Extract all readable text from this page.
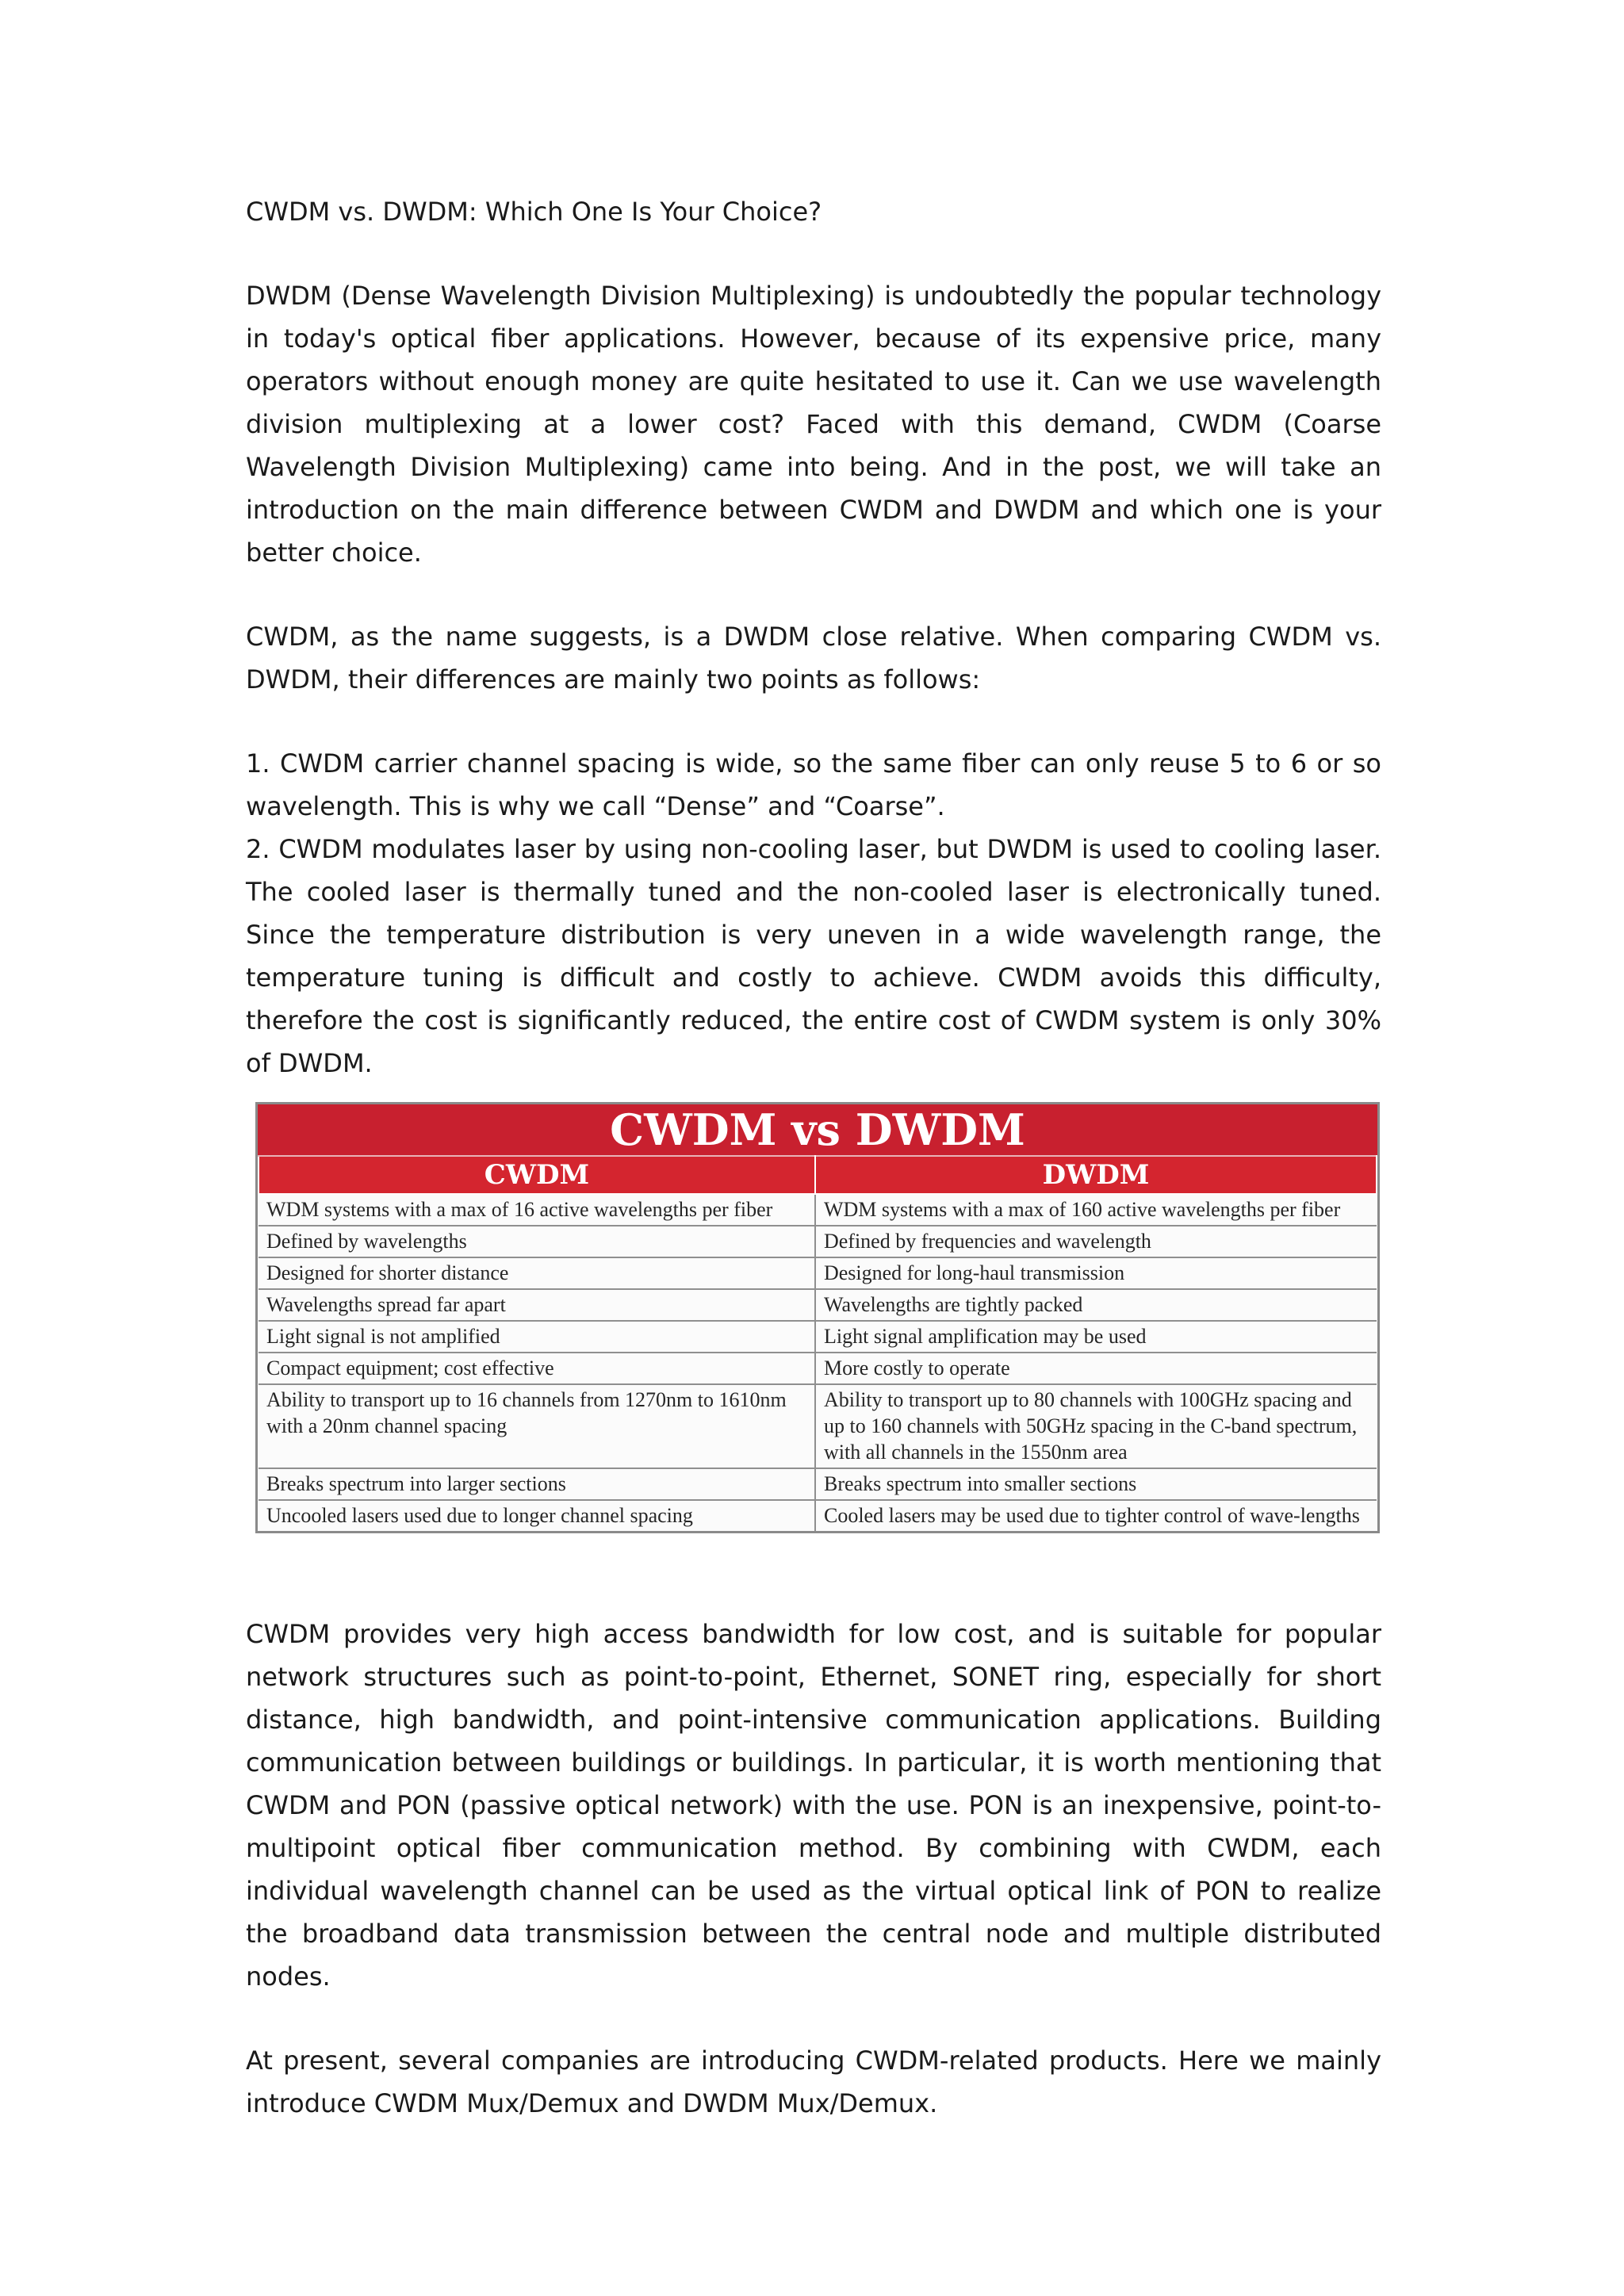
CWDM vs. DWDM: Which One Is Your Choice?

DWDM (Dense Wavelength Division Multiplexing) is undoubtedly the popular technology in today's optical fiber applications. However, because of its expensive price, many operators without enough money are quite hesitated to use it. Can we use wavelength division multiplexing at a lower cost? Faced with this demand, CWDM (Coarse Wavelength Division Multiplexing) came into being. And in the post, we will take an introduction on the main difference between CWDM and DWDM and which one is your better choice.

CWDM, as the name suggests, is a DWDM close relative. When comparing CWDM vs. DWDM, their differences are mainly two points as follows:

1. CWDM carrier channel spacing is wide, so the same fiber can only reuse 5 to 6 or so wavelength. This is why we call “Dense” and “Coarse”.

2. CWDM modulates laser by using non-cooling laser, but DWDM is used to cooling laser. The cooled laser is thermally tuned and the non-cooled laser is electronically tuned. Since the temperature distribution is very uneven in a wide wavelength range, the temperature tuning is difficult and costly to achieve. CWDM avoids this difficulty, therefore the cost is significantly reduced, the entire cost of CWDM system is only 30% of DWDM.

CWDM vs DWDM
CWDM	DWDM
WDM systems with a max of 16 active wavelengths per fiber	WDM systems with a max of 160 active wavelengths per fiber
Defined by wavelengths	Defined by frequencies and wavelength
Designed for shorter distance	Designed for long-haul transmission
Wavelengths spread far apart	Wavelengths are tightly packed
Light signal is not amplified	Light signal amplification may be used
Compact equipment; cost effective	More costly to operate
Ability to transport up to 16 channels from 1270nm to 1610nm with a 20nm channel spacing	Ability to transport up to 80 channels with 100GHz spacing and up to 160 channels with 50GHz spacing in the C-band spectrum, with all channels in the 1550nm area
Breaks spectrum into larger sections	Breaks spectrum into smaller sections
Uncooled lasers used due to longer channel spacing	Cooled lasers may be used due to tighter control of wave-lengths

CWDM provides very high access bandwidth for low cost, and is suitable for popular network structures such as point-to-point, Ethernet, SONET ring, especially for short distance, high bandwidth, and point-intensive communication applications. Building communication between buildings or buildings. In particular, it is worth mentioning that CWDM and PON (passive optical network) with the use. PON is an inexpensive, point-to-multipoint optical fiber communication method. By combining with CWDM, each individual wavelength channel can be used as the virtual optical link of PON to realize the broadband data transmission between the central node and multiple distributed nodes.

At present, several companies are introducing CWDM-related products. Here we mainly introduce CWDM Mux/Demux and DWDM Mux/Demux.
